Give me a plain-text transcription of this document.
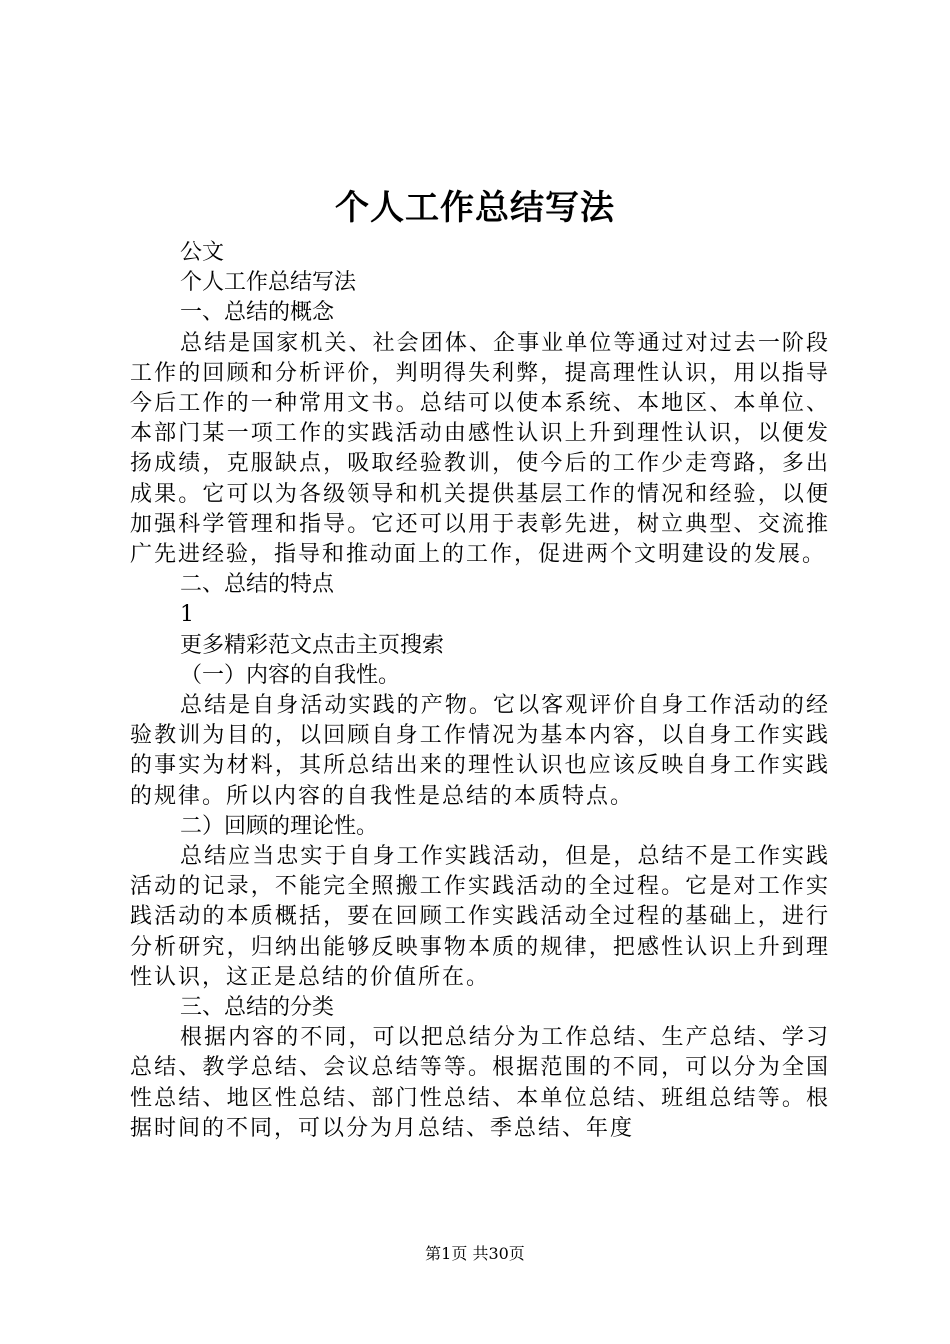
个人工作总结写法
公文
个人工作总结写法
一、总结的概念
总结是国家机关、社会团体、企事业单位等通过对过去一阶段工作的回顾和分析评价，判明得失利弊，提高理性认识，用以指导今后工作的一种常用文书。总结可以使本系统、本地区、本单位、本部门某一项工作的实践活动由感性认识上升到理性认识，以便发扬成绩，克服缺点，吸取经验教训，使今后的工作少走弯路，多出成果。它可以为各级领导和机关提供基层工作的情况和经验，以便加强科学管理和指导。它还可以用于表彰先进，树立典型、交流推广先进经验，指导和推动面上的工作，促进两个文明建设的发展。
二、总结的特点
1
更多精彩范文点击主页搜索
（一）内容的自我性。
总结是自身活动实践的产物。它以客观评价自身工作活动的经验教训为目的，以回顾自身工作情况为基本内容，以自身工作实践的事实为材料，其所总结出来的理性认识也应该反映自身工作实践的规律。所以内容的自我性是总结的本质特点。
二）回顾的理论性。
总结应当忠实于自身工作实践活动，但是，总结不是工作实践活动的记录，不能完全照搬工作实践活动的全过程。它是对工作实践活动的本质概括，要在回顾工作实践活动全过程的基础上，进行分析研究，归纳出能够反映事物本质的规律，把感性认识上升到理性认识，这正是总结的价值所在。
三、总结的分类
根据内容的不同，可以把总结分为工作总结、生产总结、学习总结、教学总结、会议总结等等。根据范围的不同，可以分为全国性总结、地区性总结、部门性总结、本单位总结、班组总结等。根据时间的不同，可以分为月总结、季总结、年度
第1页 共30页
